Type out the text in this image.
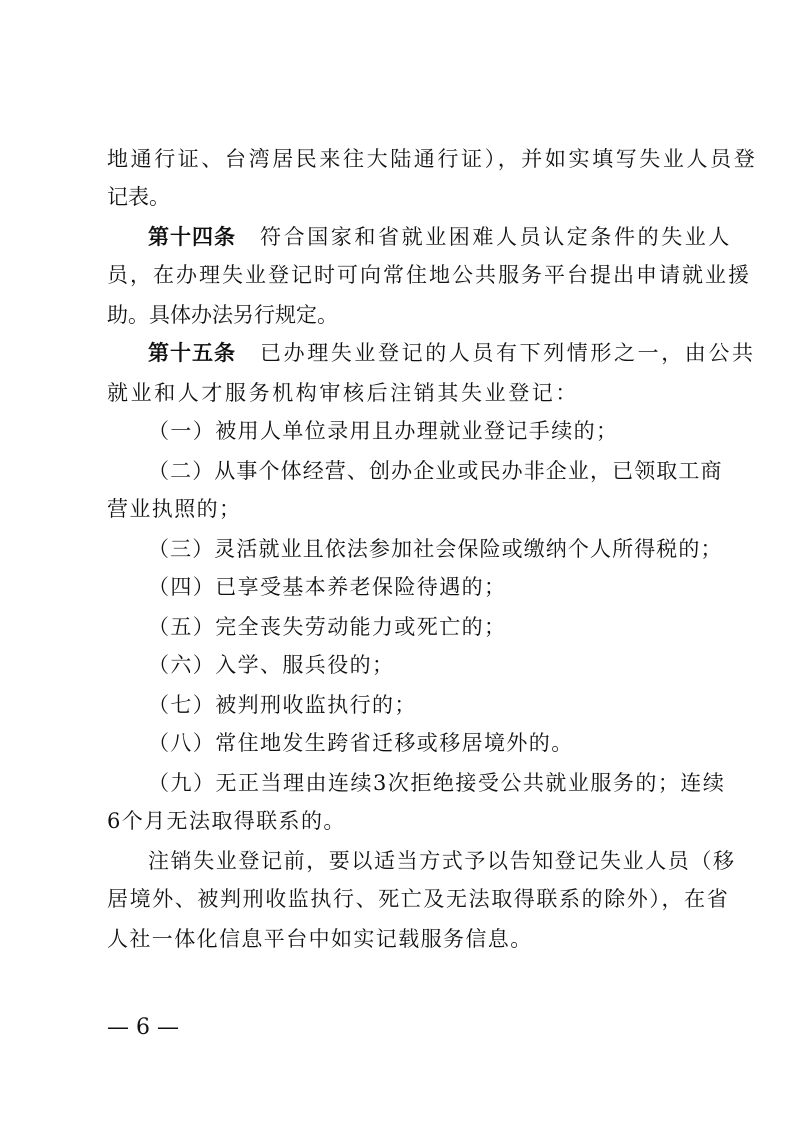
地通行证、台湾居民来往大陆通行证），并如实填写失业人员登
记表。
第十四条 符合国家和省就业困难人员认定条件的失业人
员，在办理失业登记时可向常住地公共服务平台提出申请就业援
助。具体办法另行规定。
第十五条 已办理失业登记的人员有下列情形之一，由公共
就业和人才服务机构审核后注销其失业登记：
（一）被用人单位录用且办理就业登记手续的；
（二）从事个体经营、创办企业或民办非企业，已领取工商
营业执照的；
（三）灵活就业且依法参加社会保险或缴纳个人所得税的；
（四）已享受基本养老保险待遇的；
（五）完全丧失劳动能力或死亡的；
（六）入学、服兵役的；
（七）被判刑收监执行的；
（八）常住地发生跨省迁移或移居境外的。
（九）无正当理由连续3次拒绝接受公共就业服务的；连续
6个月无法取得联系的。
注销失业登记前，要以适当方式予以告知登记失业人员（移
居境外、被判刑收监执行、死亡及无法取得联系的除外），在省
人社一体化信息平台中如实记载服务信息。
— 6 —
